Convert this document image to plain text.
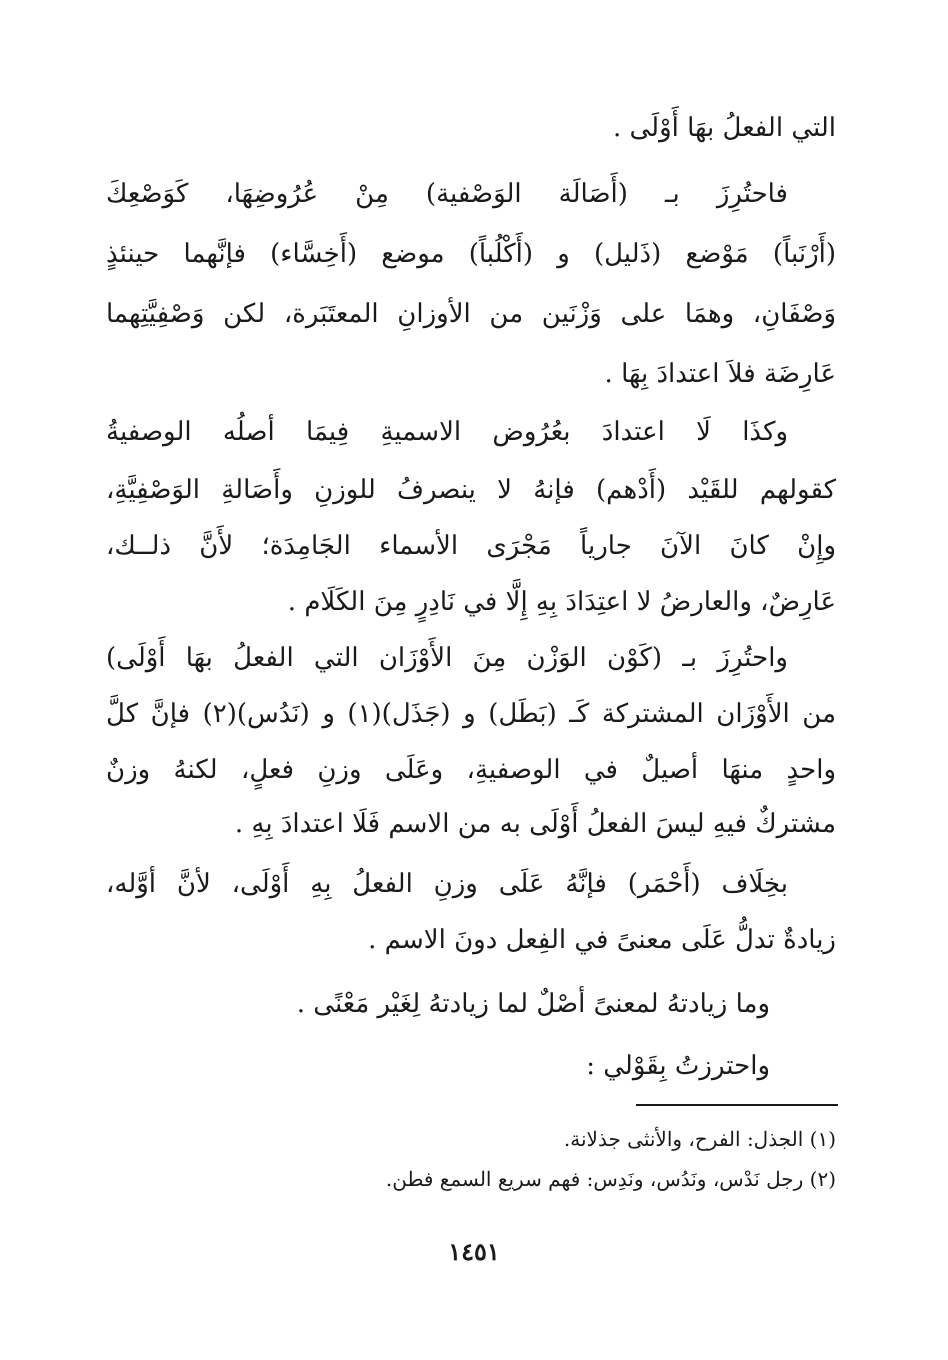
التي الفعلُ بهَا أَوْلَى .
فاحتُرِزَ بـ (أَصَالَة الوَصْفية) مِنْ عُرُوضِهَا، كَوَصْعِكَ
(أَرْنَباً) مَوْضع (ذَليل) و (أَكْلُباً) موضع (أَخِسَّاء) فإنَّهما حينئذٍ
وَصْفَانِ، وهمَا على وَزْنَين من الأوزانِ المعتَبَرة، لكن وَصْفِيَّتِهما
عَارِضَة فلاَ اعتدادَ بِهَا .
وكذَا لَا اعتدادَ بعُرُوض الاسميةِ فِيمَا أصلُه الوصفيةُ
كقولهم للقَيْد (أَدْهم) فإنهُ لا ينصرفُ للوزنِ وأَصَالةِ الوَصْفِيَّةِ،
وإِنْ كانَ الآنَ جارياً مَجْرَى الأسماء الجَامِدَة؛ لأَنَّ ذلــك،
عَارِضٌ، والعارضُ لا اعتِدَادَ بِهِ إِلَّا في نَادِرٍ مِنَ الكَلَام .
واحتُرِزَ بـ (كَوْن الوَزْن مِنَ الأَوْزَان التي الفعلُ بهَا أَوْلَى)
من الأَوْزَان المشتركة كَـ (بَطَل) و (جَذَل)(١) و (نَدُس)(٢) فإنَّ كلَّ
واحدٍ منهَا أصيلٌ في الوصفيةِ، وعَلَى وزنِ فعلٍ، لكنهُ وزنٌ
مشتركٌ فيهِ ليسَ الفعلُ أَوْلَى به من الاسم فَلَا اعتدادَ بِهِ .
بخِلَاف (أَحْمَر) فإنَّهُ عَلَى وزنِ الفعلُ بِهِ أَوْلَى، لأنَّ أوَّله،
زيادةٌ تدلُّ عَلَى معنىً في الفِعل دونَ الاسم .
وما زيادتهُ لمعنىً أصْلٌ لما زيادتهُ لِغَيْر مَعْنًى .
واحترزتُ بِقَوْلي :
(١) الجذل: الفرح، والأنثى جذلانة.
(٢) رجل نَدْس، ونَدُس، ونَدِس: فهم سريع السمع فطن.
١٤٥١
